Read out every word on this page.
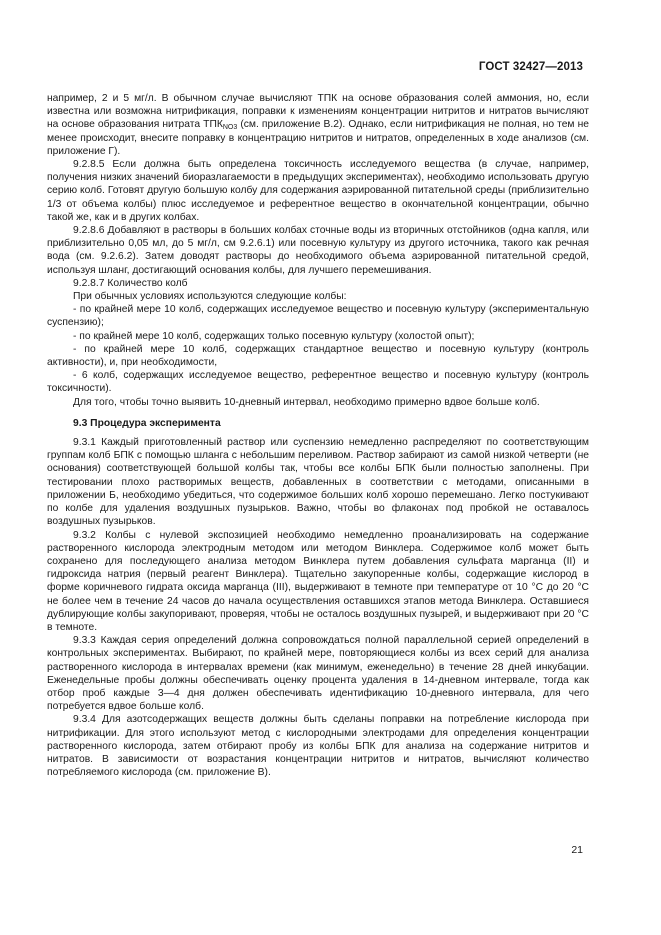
ГОСТ 32427—2013

например, 2 и 5 мг/л. В обычном случае вычисляют ТПК на основе образования солей аммония, но, если известна или возможна нитрификация, поправки к изменениям концентрации нитритов и нитратов вычисляют на основе образования нитрата $ТПК_{NO3}$ (см. приложение В.2). Однако, если нитрификация не полная, но тем не менее происходит, внесите поправку в концентрацию нитритов и нитратов, определенных в ходе анализов (см. приложение Г).

9.2.8.5 Если должна быть определена токсичность исследуемого вещества (в случае, например, получения низких значений биоразлагаемости в предыдущих экспериментах), необходимо использовать другую серию колб. Готовят другую большую колбу для содержания аэрированной питательной среды (приблизительно 1/3 от объема колбы) плюс исследуемое и референтное вещество в окончательной концентрации, обычно такой же, как и в других колбах.

9.2.8.6 Добавляют в растворы в больших колбах сточные воды из вторичных отстойников (одна капля, или приблизительно 0,05 мл, до 5 мг/л, см 9.2.6.1) или посевную культуру из другого источника, такого как речная вода (см. 9.2.6.2). Затем доводят растворы до необходимого объема аэрированной питательной средой, используя шланг, достигающий основания колбы, для лучшего перемешивания.

9.2.8.7 Количество колб

При обычных условиях используются следующие колбы:

- по крайней мере 10 колб, содержащих исследуемое вещество и посевную культуру (экспериментальную суспензию);

- по крайней мере 10 колб, содержащих только посевную культуру (холостой опыт);

- по крайней мере 10 колб, содержащих стандартное вещество и посевную культуру (контроль активности), и, при необходимости,

- 6 колб, содержащих исследуемое вещество, референтное вещество и посевную культуру (контроль токсичности).

Для того, чтобы точно выявить 10-дневный интервал, необходимо примерно вдвое больше колб.

9.3 Процедура эксперимента

9.3.1 Каждый приготовленный раствор или суспензию немедленно распределяют по соответствующим группам колб БПК с помощью шланга с небольшим переливом. Раствор забирают из самой низкой четверти (не основания) соответствующей большой колбы так, чтобы все колбы БПК были полностью заполнены. При тестировании плохо растворимых веществ, добавленных в соответствии с методами, описанными в приложении Б, необходимо убедиться, что содержимое больших колб хорошо перемешано. Легко постукивают по колбе для удаления воздушных пузырьков. Важно, чтобы во флаконах под пробкой не оставалось воздушных пузырьков.

9.3.2 Колбы с нулевой экспозицией необходимо немедленно проанализировать на содержание растворенного кислорода электродным методом или методом Винклера. Содержимое колб может быть сохранено для последующего анализа методом Винклера путем добавления сульфата марганца (II) и гидроксида натрия (первый реагент Винклера). Тщательно закупоренные колбы, содержащие кислород в форме коричневого гидрата оксида марганца (III), выдерживают в темноте при температуре от 10 °С до 20 °С не более чем в течение 24 часов до начала осуществления оставшихся этапов метода Винклера. Оставшиеся дублирующие колбы закупоривают, проверяя, чтобы не осталось воздушных пузырей, и выдерживают при 20 °С в темноте.

9.3.3 Каждая серия определений должна сопровождаться полной параллельной серией определений в контрольных экспериментах. Выбирают, по крайней мере, повторяющиеся колбы из всех серий для анализа растворенного кислорода в интервалах времени (как минимум, еженедельно) в течение 28 дней инкубации. Еженедельные пробы должны обеспечивать оценку процента удаления в 14-дневном интервале, тогда как отбор проб каждые 3—4 дня должен обеспечивать идентификацию 10-дневного интервала, для чего потребуется вдвое больше колб.

9.3.4 Для азотсодержащих веществ должны быть сделаны поправки на потребление кислорода при нитрификации. Для этого используют метод с кислородными электродами для определения концентрации растворенного кислорода, затем отбирают пробу из колбы БПК для анализа на содержание нитритов и нитратов. В зависимости от возрастания концентрации нитритов и нитратов, вычисляют количество потребляемого кислорода (см. приложение В).

21
